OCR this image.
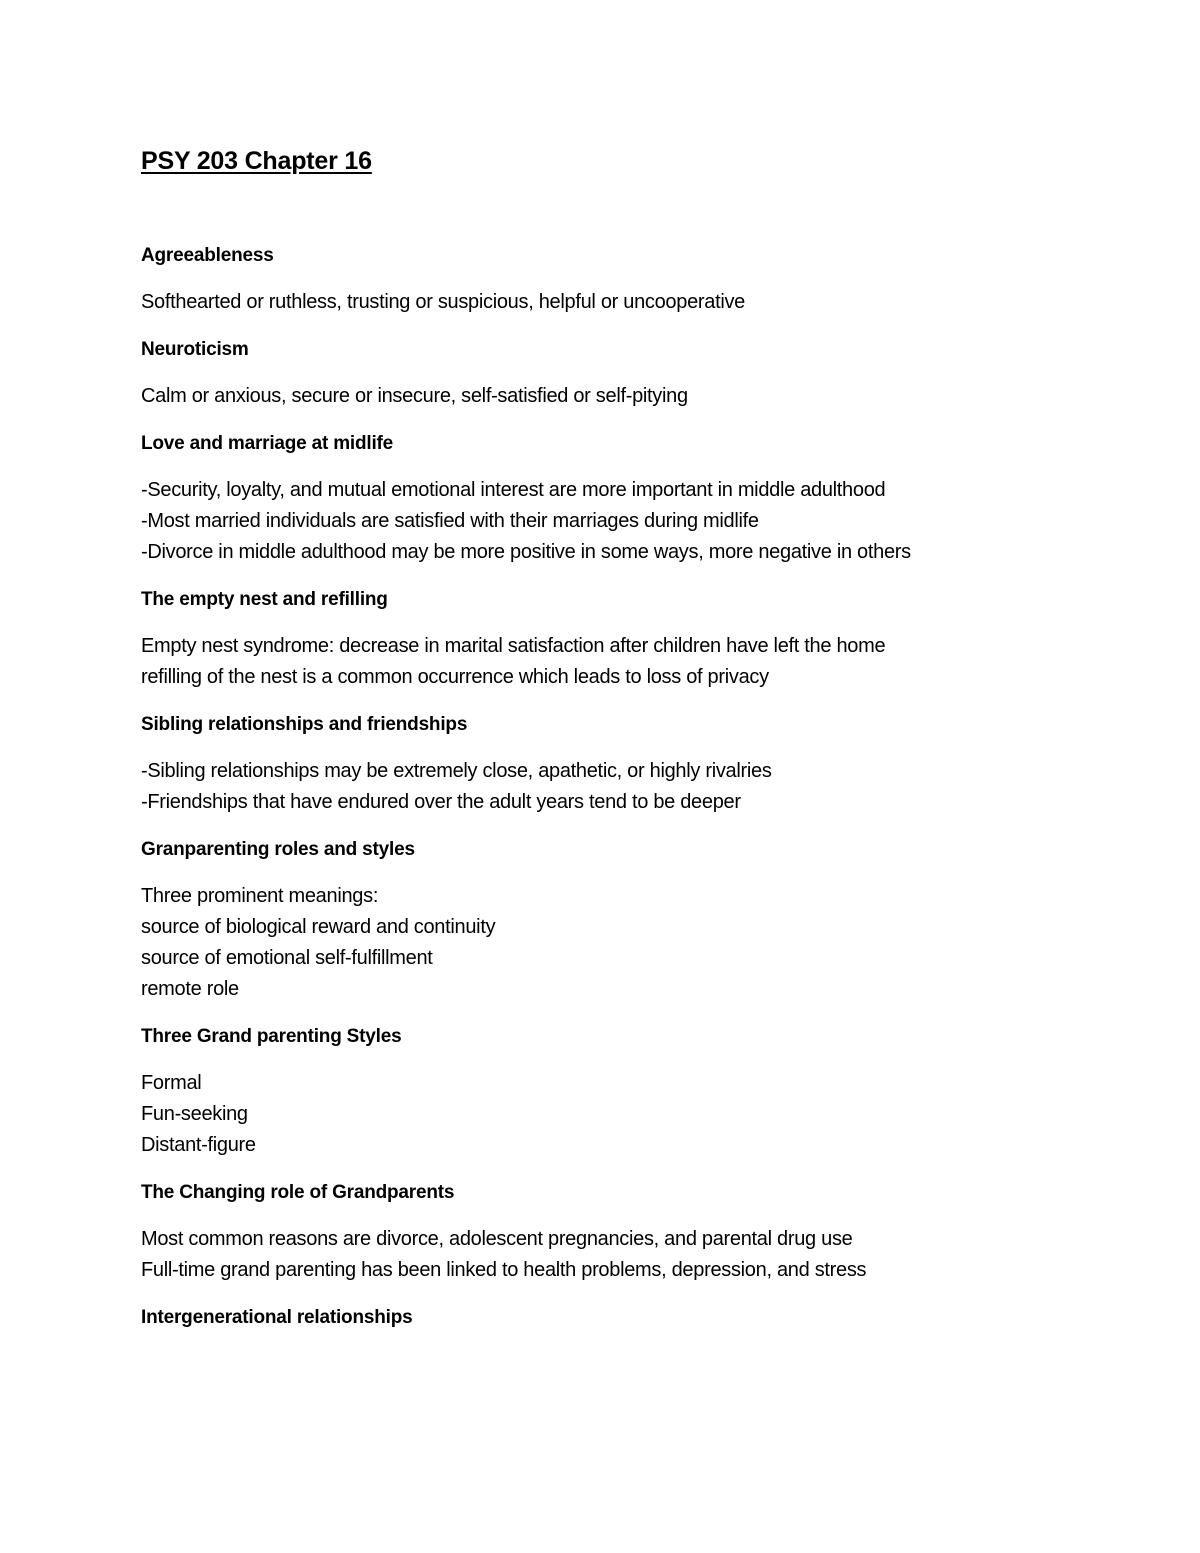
PSY 203 Chapter 16

Agreeableness

Softhearted or ruthless, trusting or suspicious, helpful or uncooperative

Neuroticism

Calm or anxious, secure or insecure, self-satisfied or self-pitying

Love and marriage at midlife

-Security, loyalty, and mutual emotional interest are more important in middle adulthood
-Most married individuals are satisfied with their marriages during midlife
-Divorce in middle adulthood may be more positive in some ways, more negative in others

The empty nest and refilling

Empty nest syndrome: decrease in marital satisfaction after children have left the home
refilling of the nest is a common occurrence which leads to loss of privacy

Sibling relationships and friendships

-Sibling relationships may be extremely close, apathetic, or highly rivalries
-Friendships that have endured over the adult years tend to be deeper

Granparenting roles and styles

Three prominent meanings:
source of biological reward and continuity
source of emotional self-fulfillment
remote role

Three Grand parenting Styles

Formal
Fun-seeking
Distant-figure

The Changing role of Grandparents

Most common reasons are divorce, adolescent pregnancies, and parental drug use
Full-time grand parenting has been linked to health problems, depression, and stress

Intergenerational relationships
